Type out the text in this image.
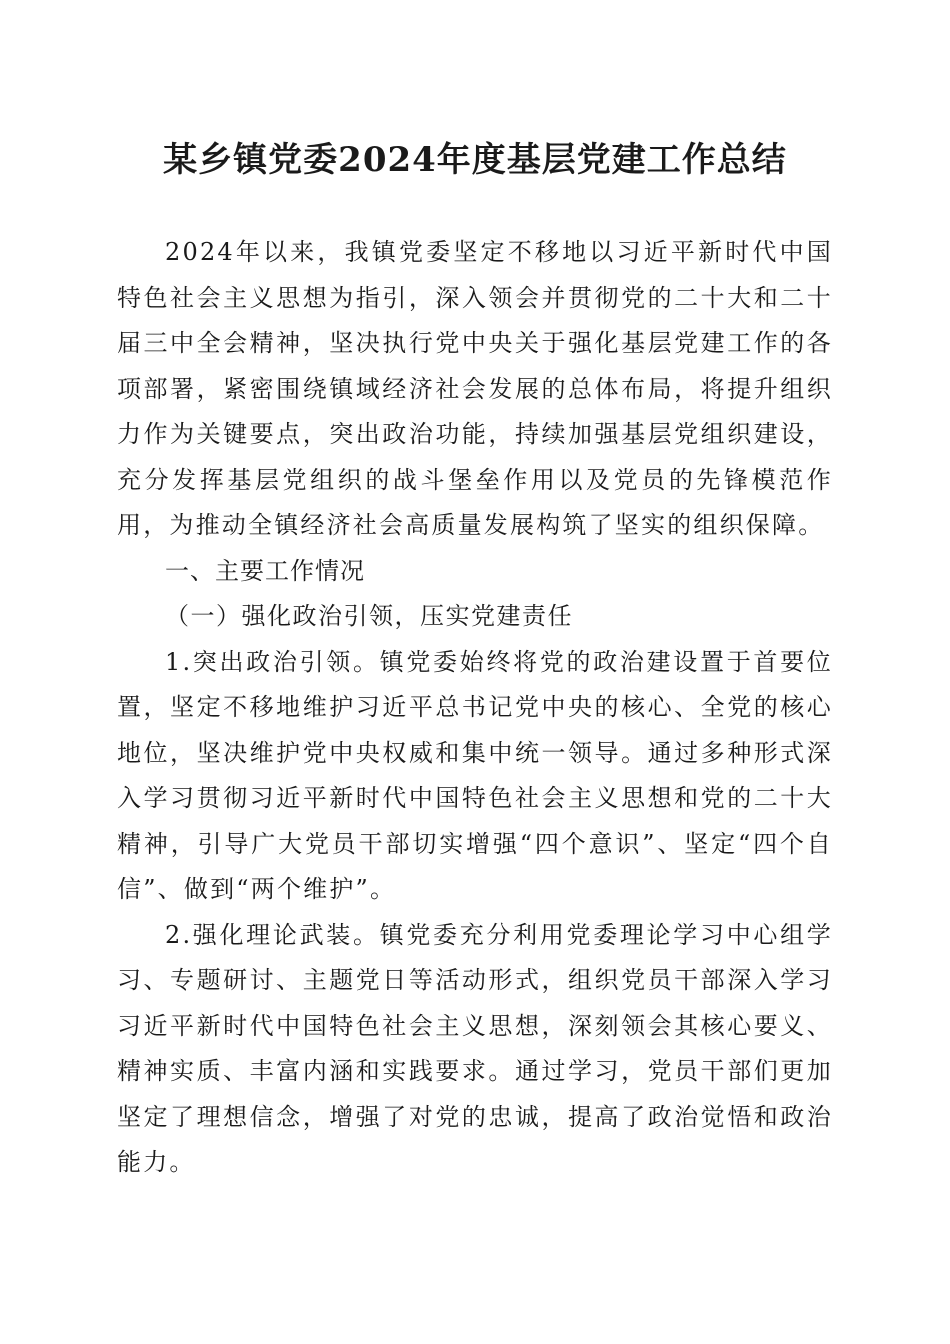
某乡镇党委2024年度基层党建工作总结

2024年以来，我镇党委坚定不移地以习近平新时代中国特色社会主义思想为指引，深入领会并贯彻党的二十大和二十届三中全会精神，坚决执行党中央关于强化基层党建工作的各项部署，紧密围绕镇域经济社会发展的总体布局，将提升组织力作为关键要点，突出政治功能，持续加强基层党组织建设，充分发挥基层党组织的战斗堡垒作用以及党员的先锋模范作用，为推动全镇经济社会高质量发展构筑了坚实的组织保障。

一、主要工作情况

（一）强化政治引领，压实党建责任

1.突出政治引领。镇党委始终将党的政治建设置于首要位置，坚定不移地维护习近平总书记党中央的核心、全党的核心地位，坚决维护党中央权威和集中统一领导。通过多种形式深入学习贯彻习近平新时代中国特色社会主义思想和党的二十大精神，引导广大党员干部切实增强“四个意识”、坚定“四个自信”、做到“两个维护”。

2.强化理论武装。镇党委充分利用党委理论学习中心组学习、专题研讨、主题党日等活动形式，组织党员干部深入学习习近平新时代中国特色社会主义思想，深刻领会其核心要义、精神实质、丰富内涵和实践要求。通过学习，党员干部们更加坚定了理想信念，增强了对党的忠诚，提高了政治觉悟和政治能力。
